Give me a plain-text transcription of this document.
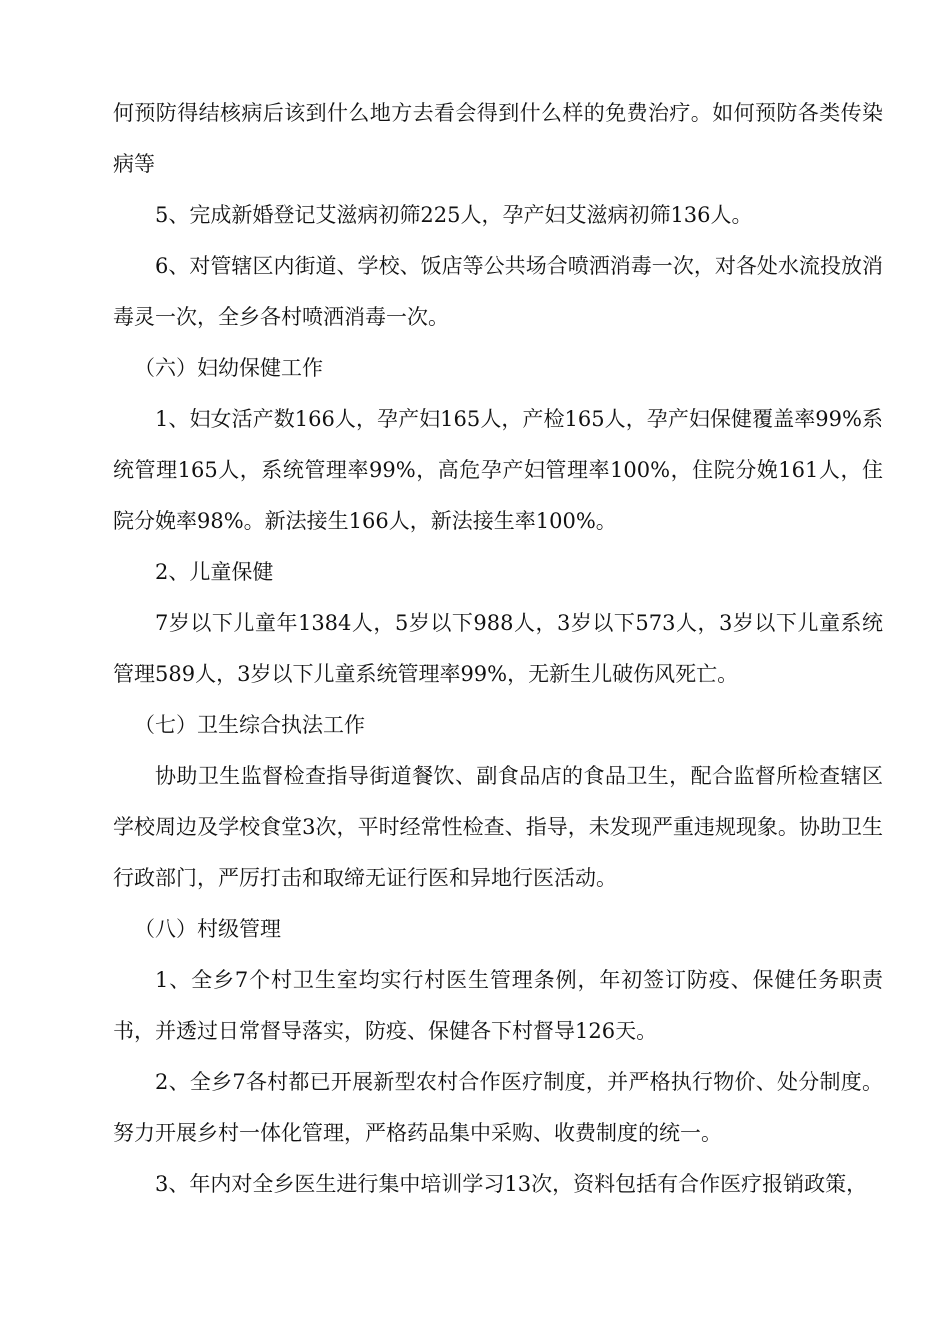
何预防得结核病后该到什么地方去看会得到什么样的免费治疗。如何预防各类传染病等

5、完成新婚登记艾滋病初筛225人，孕产妇艾滋病初筛136人。

6、对管辖区内街道、学校、饭店等公共场合喷洒消毒一次，对各处水流投放消毒灵一次，全乡各村喷洒消毒一次。

（六）妇幼保健工作

1、妇女活产数166人，孕产妇165人，产检165人，孕产妇保健覆盖率99%系统管理165人，系统管理率99%，高危孕产妇管理率100%，住院分娩161人，住院分娩率98%。新法接生166人，新法接生率100%。

2、儿童保健

7岁以下儿童年1384人，5岁以下988人，3岁以下573人，3岁以下儿童系统管理589人，3岁以下儿童系统管理率99%，无新生儿破伤风死亡。

（七）卫生综合执法工作

协助卫生监督检查指导街道餐饮、副食品店的食品卫生，配合监督所检查辖区学校周边及学校食堂3次，平时经常性检查、指导，未发现严重违规现象。协助卫生行政部门，严厉打击和取缔无证行医和异地行医活动。

（八）村级管理

1、全乡7个村卫生室均实行村医生管理条例，年初签订防疫、保健任务职责书，并透过日常督导落实，防疫、保健各下村督导126天。

2、全乡7各村都已开展新型农村合作医疗制度，并严格执行物价、处分制度。努力开展乡村一体化管理，严格药品集中采购、收费制度的统一。

3、年内对全乡医生进行集中培训学习13次，资料包括有合作医疗报销政策，
